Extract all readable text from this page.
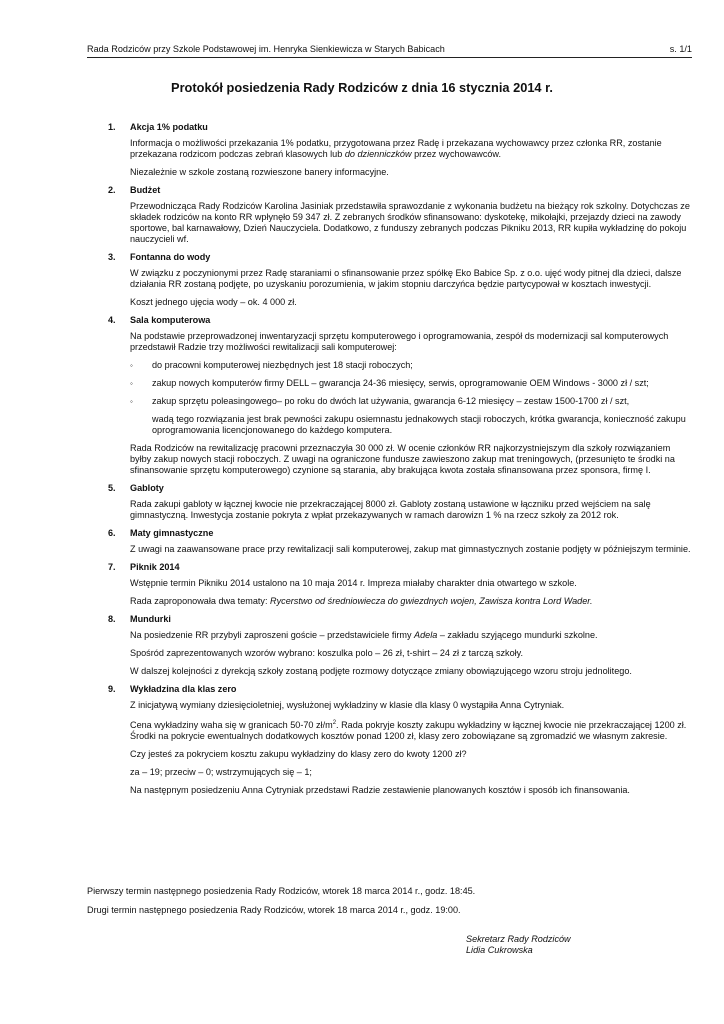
Rada Rodziców przy Szkole Podstawowej im. Henryka Sienkiewicza w Starych Babicach	s. 1/1
Protokół posiedzenia Rady Rodziców z dnia 16 stycznia 2014 r.
1.	Akcja 1% podatku

Informacja o możliwości przekazania 1% podatku, przygotowana przez Radę i przekazana wychowawcy przez członka RR, zostanie przekazana rodzicom podczas zebrań klasowych lub do dzienniczków przez wychowawców.

Niezależnie w szkole zostaną rozwieszone banery informacyjne.

2.	Budżet

Przewodnicząca Rady Rodziców Karolina Jasiniak przedstawiła sprawozdanie z wykonania budżetu na bieżący rok szkolny. Dotychczas ze składek rodziców na konto RR wpłynęło 59 347 zł. Z zebranych środków sfinansowano: dyskotekę, mikołajki, przejazdy dzieci na zawody sportowe, bal karnawałowy, Dzień Nauczyciela. Dodatkowo, z funduszy zebranych podczas Pikniku 2013, RR kupiła wykładzinę do pokoju nauczycieli wf.

3.	Fontanna do wody

W związku z poczynionymi przez Radę staraniami o sfinansowanie przez spółkę Eko Babice Sp. z o.o. ujęć wody pitnej dla dzieci, dalsze działania RR zostaną podjęte, po uzyskaniu porozumienia, w jakim stopniu darczyńca będzie partycypował w kosztach inwestycji.

Koszt jednego ujęcia wody – ok. 4 000 zł.

4.	Sala komputerowa

Na podstawie przeprowadzonej inwentaryzacji sprzętu komputerowego i oprogramowania, zespół ds modernizacji sal komputerowych przedstawił Radzie trzy możliwości rewitalizacji sali komputerowej:

◦	do pracowni komputerowej niezbędnych jest 18 stacji roboczych;
◦	zakup nowych komputerów firmy DELL – gwarancja 24-36 miesięcy, serwis, oprogramowanie OEM Windows - 3000 zł / szt;
◦	zakup sprzętu poleasingowego– po roku do dwóch lat używania, gwarancja 6-12 miesięcy – zestaw 1500-1700 zł / szt,
wadą tego rozwiązania jest brak pewności zakupu osiemnastu jednakowych stacji roboczych, krótka gwarancja, konieczność zakupu oprogramowania licencjonowanego do każdego komputera.

Rada Rodziców na rewitalizację pracowni przeznaczyła 30 000 zł. W ocenie członków RR najkorzystniejszym dla szkoły rozwiązaniem byłby zakup nowych stacji roboczych. Z uwagi na ograniczone fundusze zawieszono zakup mat treningowych, (przesunięto te środki na sfinansowanie sprzętu komputerowego) czynione są starania, aby brakująca kwota została sfinansowana przez sponsora, firmę I.

5.	Gabloty

Rada zakupi gabloty w łącznej kwocie nie przekraczającej 8000 zł. Gabloty zostaną ustawione w łączniku przed wejściem na salę gimnastyczną. Inwestycja zostanie pokryta z wpłat przekazywanych w ramach darowizn 1 % na rzecz szkoły za 2012 rok.

6.	Maty gimnastyczne

Z uwagi na zaawansowane prace przy rewitalizacji sali komputerowej, zakup mat gimnastycznych zostanie podjęty w późniejszym terminie.

7.	Piknik 2014

Wstępnie termin Pikniku 2014 ustalono na 10 maja 2014 r. Impreza miałaby charakter dnia otwartego w szkole.

Rada zaproponowała dwa tematy: Rycerstwo od średniowiecza do gwiezdnych wojen, Zawisza kontra Lord Wader.

8.	Mundurki

Na posiedzenie RR przybyli zaproszeni goście – przedstawiciele firmy Adela – zakładu szyjącego mundurki szkolne.

Spośród zaprezentowanych wzorów wybrano: koszulka polo – 26 zł, t-shirt – 24 zł z tarczą szkoły.

W dalszej kolejności z dyrekcją szkoły zostaną podjęte rozmowy dotyczące zmiany obowiązującego wzoru stroju jednolitego.

9.	Wykładzina dla klas zero

Z inicjatywą wymiany dziesięcioletniej, wysłużonej wykładziny w klasie dla klasy 0 wystąpiła Anna Cytryniak.

Cena wykładziny waha się w granicach 50-70 $zł/m^2$. Rada pokryje koszty zakupu wykładziny w łącznej kwocie nie przekraczającej 1200 zł. Środki na pokrycie ewentualnych dodatkowych kosztów ponad 1200 zł, klasy zero zobowiązane są zgromadzić we własnym zakresie.

Czy jesteś za pokryciem kosztu zakupu wykładziny do klasy zero do kwoty 1200 zł?

za – 19; przeciw – 0; wstrzymujących się – 1;

Na następnym posiedzeniu Anna Cytryniak przedstawi Radzie zestawienie planowanych kosztów i sposób ich finansowania.

Pierwszy termin następnego posiedzenia Rady Rodziców, wtorek 18 marca 2014 r., godz. 18:45.

Drugi termin następnego posiedzenia Rady Rodziców, wtorek 18 marca 2014 r., godz. 19:00.

Sekretarz Rady Rodziców
Lidia Cukrowska
